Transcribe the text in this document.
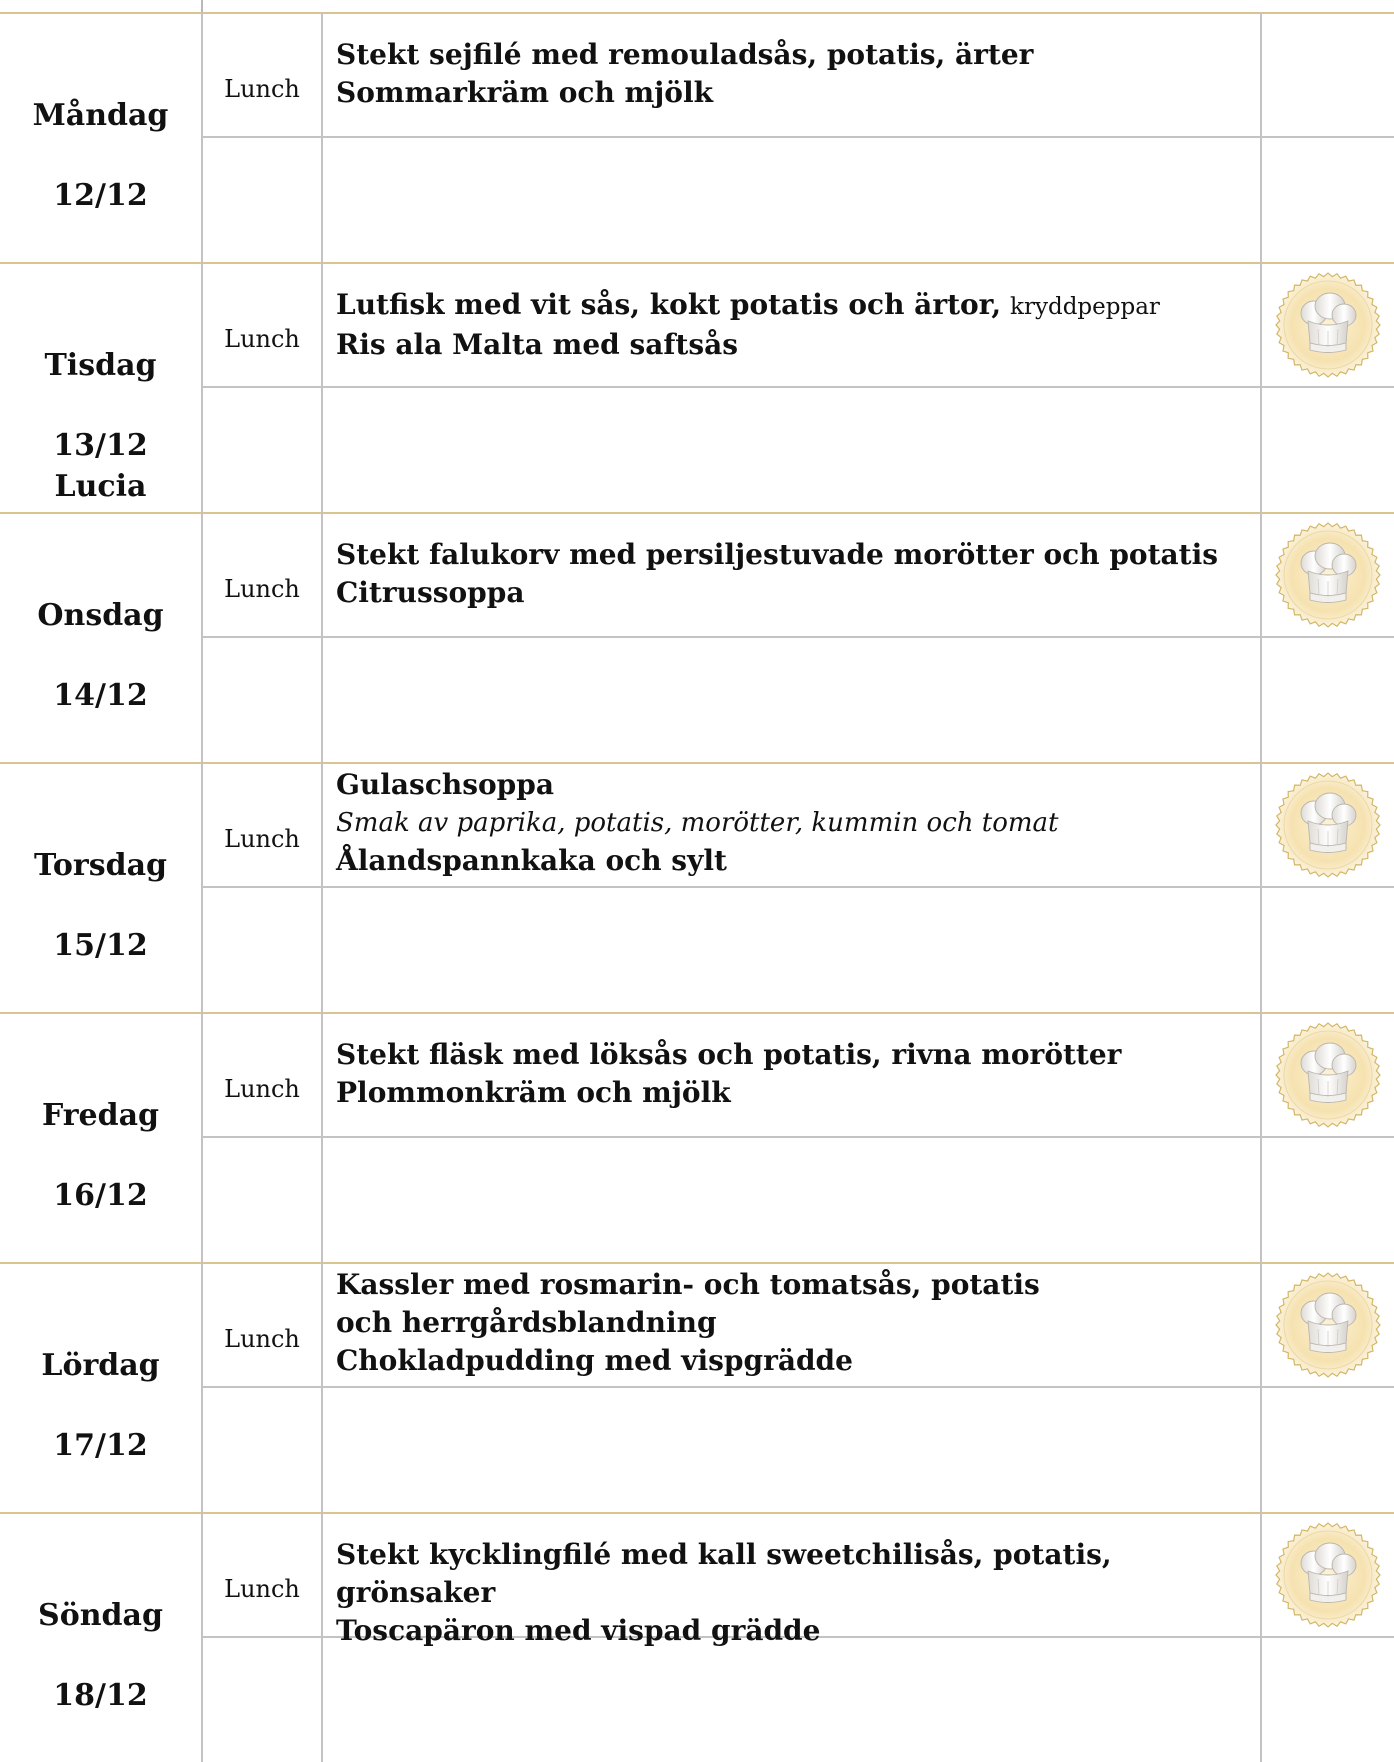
Måndag
12/12
Lunch
Stekt sejfilé med remouladsås, potatis, ärter
Sommarkräm och mjölk
Tisdag
13/12
Lucia
Lunch
Lutfisk med vit sås, kokt potatis och ärtor, kryddpeppar
Ris ala Malta med saftsås
Onsdag
14/12
Lunch
Stekt falukorv med persiljestuvade morötter och potatis
Citrussoppa
Torsdag
15/12
Lunch
Gulaschsoppa
Smak av paprika, potatis, morötter, kummin och tomat
Ålandspannkaka och sylt
Fredag
16/12
Lunch
Stekt fläsk med löksås och potatis, rivna morötter
Plommonkräm och mjölk
Lördag
17/12
Lunch
Kassler med rosmarin- och tomatsås, potatis och herrgårdsblandning
Chokladpudding med vispgrädde
Söndag
18/12
Lunch
Stekt kycklingfilé med kall sweetchilisås, potatis, grönsaker
Toscapäron med vispad grädde
